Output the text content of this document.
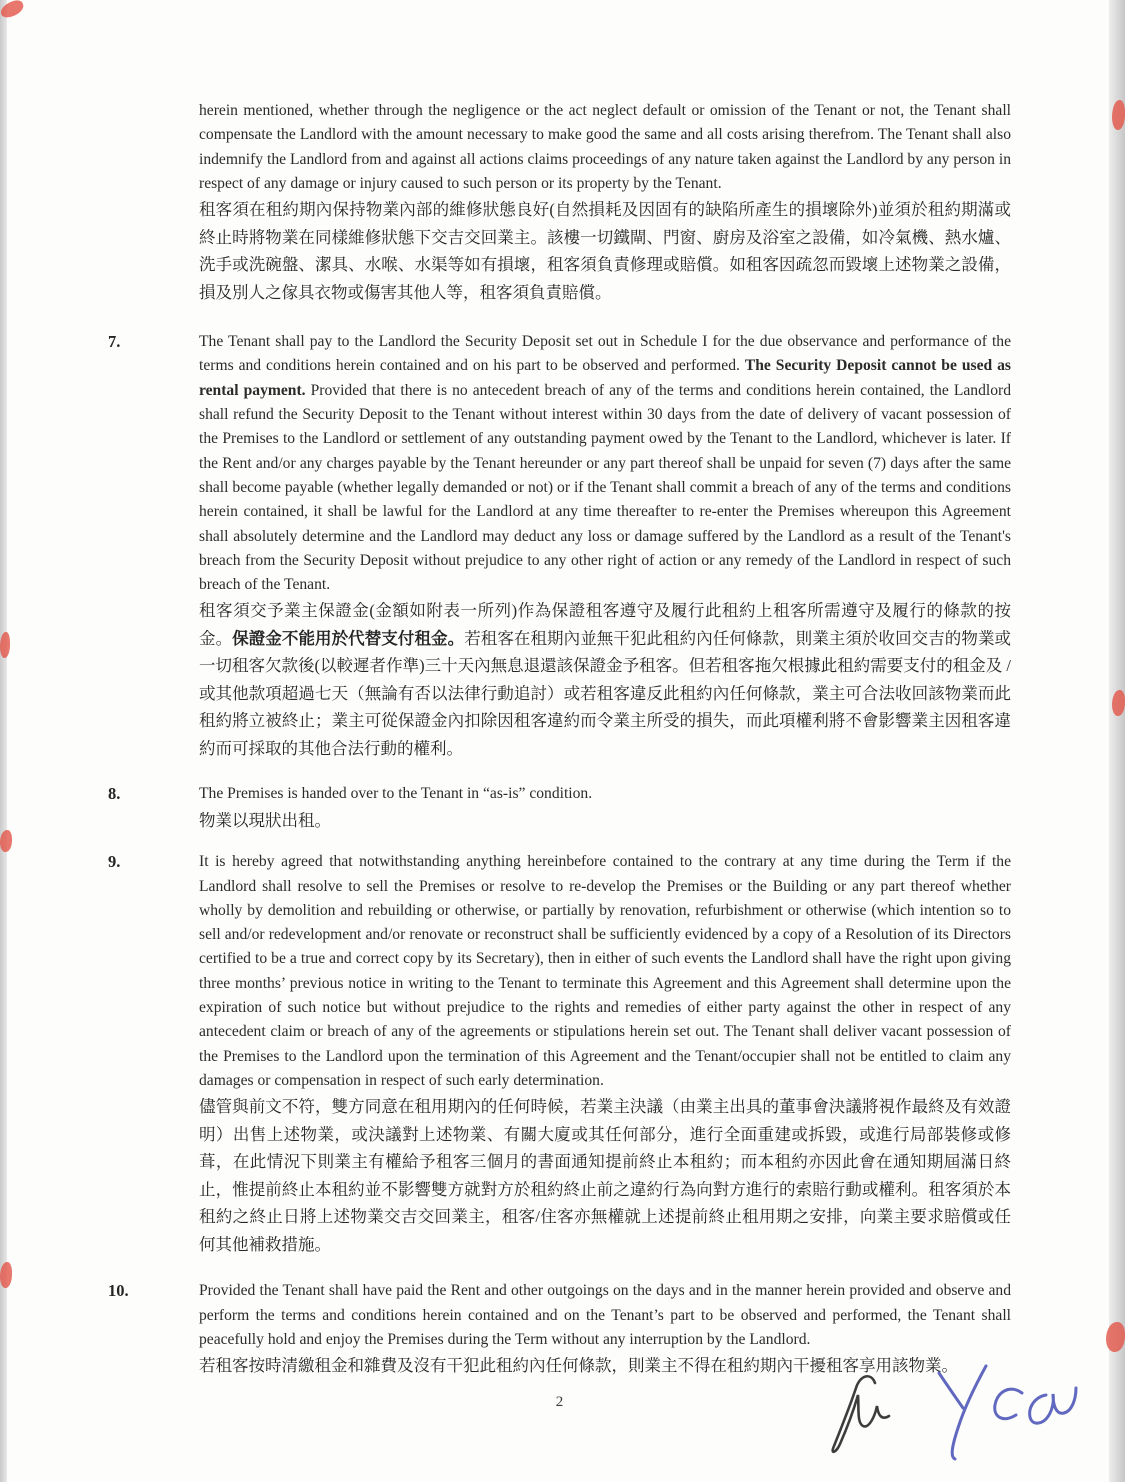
herein mentioned, whether through the negligence or the act neglect default or omission of the Tenant or not, the Tenant shall compensate the Landlord with the amount necessary to make good the same and all costs arising therefrom. The Tenant shall also indemnify the Landlord from and against all actions claims proceedings of any nature taken against the Landlord by any person in respect of any damage or injury caused to such person or its property by the Tenant.

租客須在租約期內保持物業內部的維修狀態良好(自然損耗及因固有的缺陷所產生的損壞除外)並須於租約期滿或終止時將物業在同樣維修狀態下交吉交回業主。該樓一切鐵閘、門窗、廚房及浴室之設備，如冷氣機、熱水爐、洗手或洗碗盤、潔具、水喉、水渠等如有損壞，租客須負責修理或賠償。如租客因疏忽而毀壞上述物業之設備，損及別人之傢具衣物或傷害其他人等，租客須負責賠償。

7.	The Tenant shall pay to the Landlord the Security Deposit set out in Schedule I for the due observance and performance of the terms and conditions herein contained and on his part to be observed and performed. The Security Deposit cannot be used as rental payment. Provided that there is no antecedent breach of any of the terms and conditions herein contained, the Landlord shall refund the Security Deposit to the Tenant without interest within 30 days from the date of delivery of vacant possession of the Premises to the Landlord or settlement of any outstanding payment owed by the Tenant to the Landlord, whichever is later. If the Rent and/or any charges payable by the Tenant hereunder or any part thereof shall be unpaid for seven (7) days after the same shall become payable (whether legally demanded or not) or if the Tenant shall commit a breach of any of the terms and conditions herein contained, it shall be lawful for the Landlord at any time thereafter to re-enter the Premises whereupon this Agreement shall absolutely determine and the Landlord may deduct any loss or damage suffered by the Landlord as a result of the Tenant's breach from the Security Deposit without prejudice to any other right of action or any remedy of the Landlord in respect of such breach of the Tenant.

租客須交予業主保證金(金額如附表一所列)作為保證租客遵守及履行此租約上租客所需遵守及履行的條款的按金。保證金不能用於代替支付租金。若租客在租期內並無干犯此租約內任何條款，則業主須於收回交吉的物業或一切租客欠款後(以較遲者作準)三十天內無息退還該保證金予租客。但若租客拖欠根據此租約需要支付的租金及 / 或其他款項超過七天（無論有否以法律行動追討）或若租客違反此租約內任何條款，業主可合法收回該物業而此租約將立被終止；業主可從保證金內扣除因租客違約而令業主所受的損失，而此項權利將不會影響業主因租客違約而可採取的其他合法行動的權利。

8.	The Premises is handed over to the Tenant in “as-is” condition.

物業以現狀出租。

9.	It is hereby agreed that notwithstanding anything hereinbefore contained to the contrary at any time during the Term if the Landlord shall resolve to sell the Premises or resolve to re-develop the Premises or the Building or any part thereof whether wholly by demolition and rebuilding or otherwise, or partially by renovation, refurbishment or otherwise (which intention so to sell and/or redevelopment and/or renovate or reconstruct shall be sufficiently evidenced by a copy of a Resolution of its Directors certified to be a true and correct copy by its Secretary), then in either of such events the Landlord shall have the right upon giving three months’ previous notice in writing to the Tenant to terminate this Agreement and this Agreement shall determine upon the expiration of such notice but without prejudice to the rights and remedies of either party against the other in respect of any antecedent claim or breach of any of the agreements or stipulations herein set out. The Tenant shall deliver vacant possession of the Premises to the Landlord upon the termination of this Agreement and the Tenant/occupier shall not be entitled to claim any damages or compensation in respect of such early determination.

儘管與前文不符，雙方同意在租用期內的任何時候，若業主決議（由業主出具的董事會決議將視作最終及有效證明）出售上述物業，或決議對上述物業、有關大廈或其任何部分，進行全面重建或拆毀，或進行局部裝修或修葺，在此情況下則業主有權給予租客三個月的書面通知提前終止本租約；而本租約亦因此會在通知期屆滿日終止，惟提前終止本租約並不影響雙方就對方於租約終止前之違約行為向對方進行的索賠行動或權利。租客須於本租約之終止日將上述物業交吉交回業主，租客/住客亦無權就上述提前終止租用期之安排，向業主要求賠償或任何其他補救措施。

10.	Provided the Tenant shall have paid the Rent and other outgoings on the days and in the manner herein provided and observe and perform the terms and conditions herein contained and on the Tenant’s part to be observed and performed, the Tenant shall peacefully hold and enjoy the Premises during the Term without any interruption by the Landlord.

若租客按時清繳租金和雜費及沒有干犯此租約內任何條款，則業主不得在租約期內干擾租客享用該物業。

2
